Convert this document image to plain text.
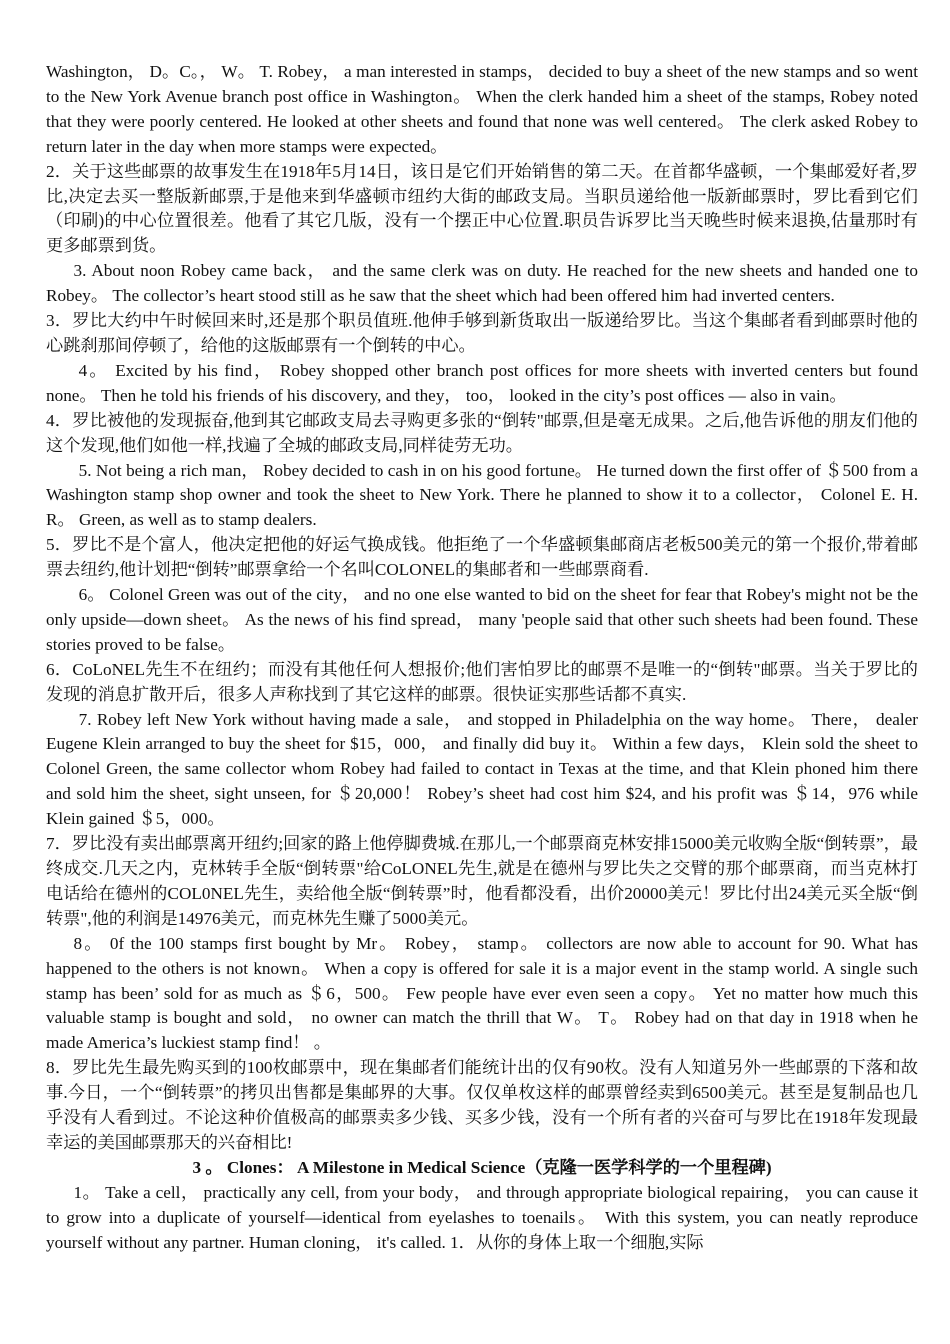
Washington， D。C。， W。 T. Robey， a man interested in stamps， decided to buy a sheet of the new stamps and so went to the New York Avenue branch post office in Washington。 When the clerk handed him a sheet of the stamps, Robey noted that they were poorly centered. He looked at other sheets and found that none was well centered。 The clerk asked Robey to return later in the day when more stamps were expected。

2．关于这些邮票的故事发生在1918年5月14日，该日是它们开始销售的第二天。在首都华盛顿，一个集邮爱好者,罗比,决定去买一整版新邮票,于是他来到华盛顿市纽约大街的邮政支局。当职员递给他一版新邮票时，罗比看到它们（印刷)的中心位置很差。他看了其它几版，没有一个摆正中心位置.职员告诉罗比当天晚些时候来退换,估量那时有更多邮票到货。

3. About noon Robey came back， and the same clerk was on duty. He reached for the new sheets and handed one to Robey。 The collector’s heart stood still as he saw that the sheet which had been offered him had inverted centers.

3．罗比大约中午时候回来时,还是那个职员值班.他伸手够到新货取出一版递给罗比。当这个集邮者看到邮票时他的心跳刹那间停顿了，给他的这版邮票有一个倒转的中心。

4。 Excited by his find， Robey shopped other branch post offices for more sheets with inverted centers but found none。 Then he told his friends of his discovery, and they， too， looked in the city’s post offices — also in vain。

4．罗比被他的发现振奋,他到其它邮政支局去寻购更多张的“倒转"邮票,但是毫无成果。之后,他告诉他的朋友们他的这个发现,他们如他一样,找遍了全城的邮政支局,同样徒劳无功。

5. Not being a rich man， Robey decided to cash in on his good fortune。 He turned down the first offer of ＄500 from a Washington stamp shop owner and took the sheet to New York. There he planned to show it to a collector， Colonel E. H. R。 Green, as well as to stamp dealers.

5．罗比不是个富人，他决定把他的好运气换成钱。他拒绝了一个华盛顿集邮商店老板500美元的第一个报价,带着邮票去纽约,他计划把“倒转”邮票拿给一个名叫COLONEL的集邮者和一些邮票商看.

6。 Colonel Green was out of the city， and no one else wanted to bid on the sheet for fear that Robey's might not be the only upside—down sheet。 As the news of his find spread， many 'people said that other such sheets had been found. These stories proved to be false。

6．CoLoNEL先生不在纽约；而没有其他任何人想报价;他们害怕罗比的邮票不是唯一的“倒转"邮票。当关于罗比的发现的消息扩散开后，很多人声称找到了其它这样的邮票。很快证实那些话都不真实.

7. Robey left New York without having made a sale， and stopped in Philadelphia on the way home。 There， dealer Eugene Klein arranged to buy the sheet for $15，000， and finally did buy it。 Within a few days， Klein sold the sheet to Colonel Green, the same collector whom Robey had failed to contact in Texas at the time, and that Klein phoned him there and sold him the sheet, sight unseen, for ＄20,000！ Robey’s sheet had cost him $24, and his profit was ＄14，976 while Klein gained ＄5，000。

7．罗比没有卖出邮票离开纽约;回家的路上他停脚费城.在那儿,一个邮票商克林安排15000美元收购全版“倒转票”，最终成交.几天之内，克林转手全版“倒转票"给CoLONEL先生,就是在德州与罗比失之交臂的那个邮票商，而当克林打电话给在德州的COL0NEL先生，卖给他全版“倒转票”时，他看都没看，出价20000美元！罗比付出24美元买全版“倒转票",他的利润是14976美元，而克林先生赚了5000美元。

8。 0f the 100 stamps first bought by Mr。 Robey， stamp。 collectors are now able to account for 90. What has happened to the others is not known。 When a copy is offered for sale it is a major event in the stamp world. A single such stamp has been’ sold for as much as ＄6，500。 Few people have ever even seen a copy。 Yet no matter how much this valuable stamp is bought and sold， no owner can match the thrill that W。 T。 Robey had on that day in 1918 when he made America’s luckiest stamp find！ 。

8．罗比先生最先购买到的100枚邮票中，现在集邮者们能统计出的仅有90枚。没有人知道另外一些邮票的下落和故事.今日，一个“倒转票”的拷贝出售都是集邮界的大事。仅仅单枚这样的邮票曾经卖到6500美元。甚至是复制品也几乎没有人看到过。不论这种价值极高的邮票卖多少钱、买多少钱，没有一个所有者的兴奋可与罗比在1918年发现最幸运的美国邮票那天的兴奋相比!

3 。 Clones： A Milestone in Medical Science（克隆一医学科学的一个里程碑)

1。 Take a cell， practically any cell, from your body， and through appropriate biological repairing， you can cause it to grow into a duplicate of yourself—identical from eyelashes to toenails。 With this system, you can neatly reproduce yourself without any partner. Human cloning， it's called. 1．从你的身体上取一个细胞,实际
